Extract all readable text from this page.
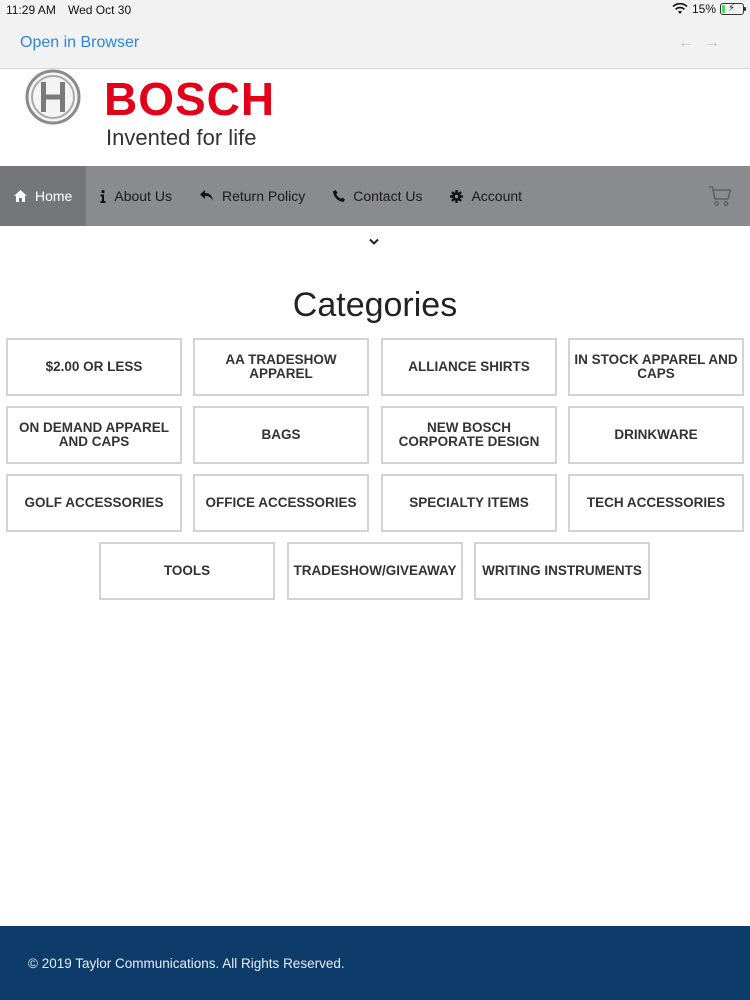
11:29 AM Wed Oct 30	15% ⚡
Open in Browser	←→
BOSCH
Invented for life
Home	About Us	Return Policy	Contact Us	Account
Categories
$2.00 OR LESS	AA TRADESHOW APPAREL	ALLIANCE SHIRTS	IN STOCK APPAREL AND CAPS
ON DEMAND APPAREL AND CAPS	BAGS	NEW BOSCH CORPORATE DESIGN	DRINKWARE
GOLF ACCESSORIES	OFFICE ACCESSORIES	SPECIALTY ITEMS	TECH ACCESSORIES
TOOLS	TRADESHOW/GIVEAWAY	WRITING INSTRUMENTS
© 2019 Taylor Communications. All Rights Reserved.
